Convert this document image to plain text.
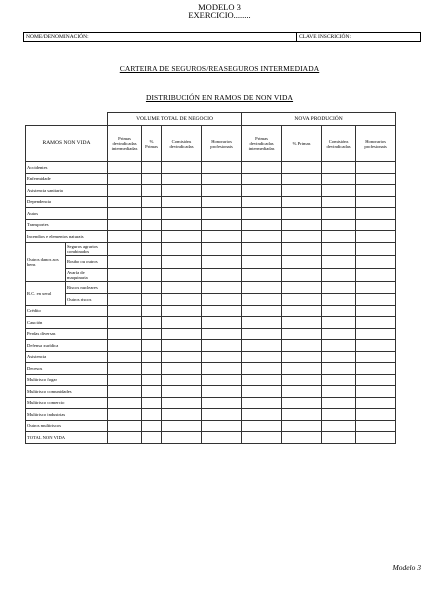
MODELO 3
EXERCICIO........
NOME/DENOMINACIÓN:	CLAVE INSCRICIÓN:
CARTEIRA DE SEGUROS/REASEGUROS INTERMEDIADA
DISTRIBUCIÓN EN RAMOS DE NON VIDA
		VOLUME TOTAL DE NEGOCIO				NOVA PRODUCIÓN			
RAMOS NON VIDA		Primas devindicadas intermediadas	% Primas	Comisións devindicadas	Honorarios profesionais	Primas devindicadas intermediadas	% Primas	Comisións devindicadas	Honorarios profesionais
Accidentes									
Enfermidade									
Asistencia sanitaria									
Dependencia									
Autos									
Transportes									
Incendios e elementos naturais									
Outros danos aos bens	Seguros agrarios combinados								
	Roubo ou outros								
	Avaría de maquinaria								
R.C. en xeral	Riscos nucleares								
	Outros riscos								
Crédito									
Caución									
Perdas diversas									
Defensa xurídica									
Asistencia									
Decesos									
Multirisco fogar									
Multirisco comunidades									
Multirisco comercio									
Multirisco industrias									
Outros multiriscos									
TOTAL NON VIDA									
Modelo 3
